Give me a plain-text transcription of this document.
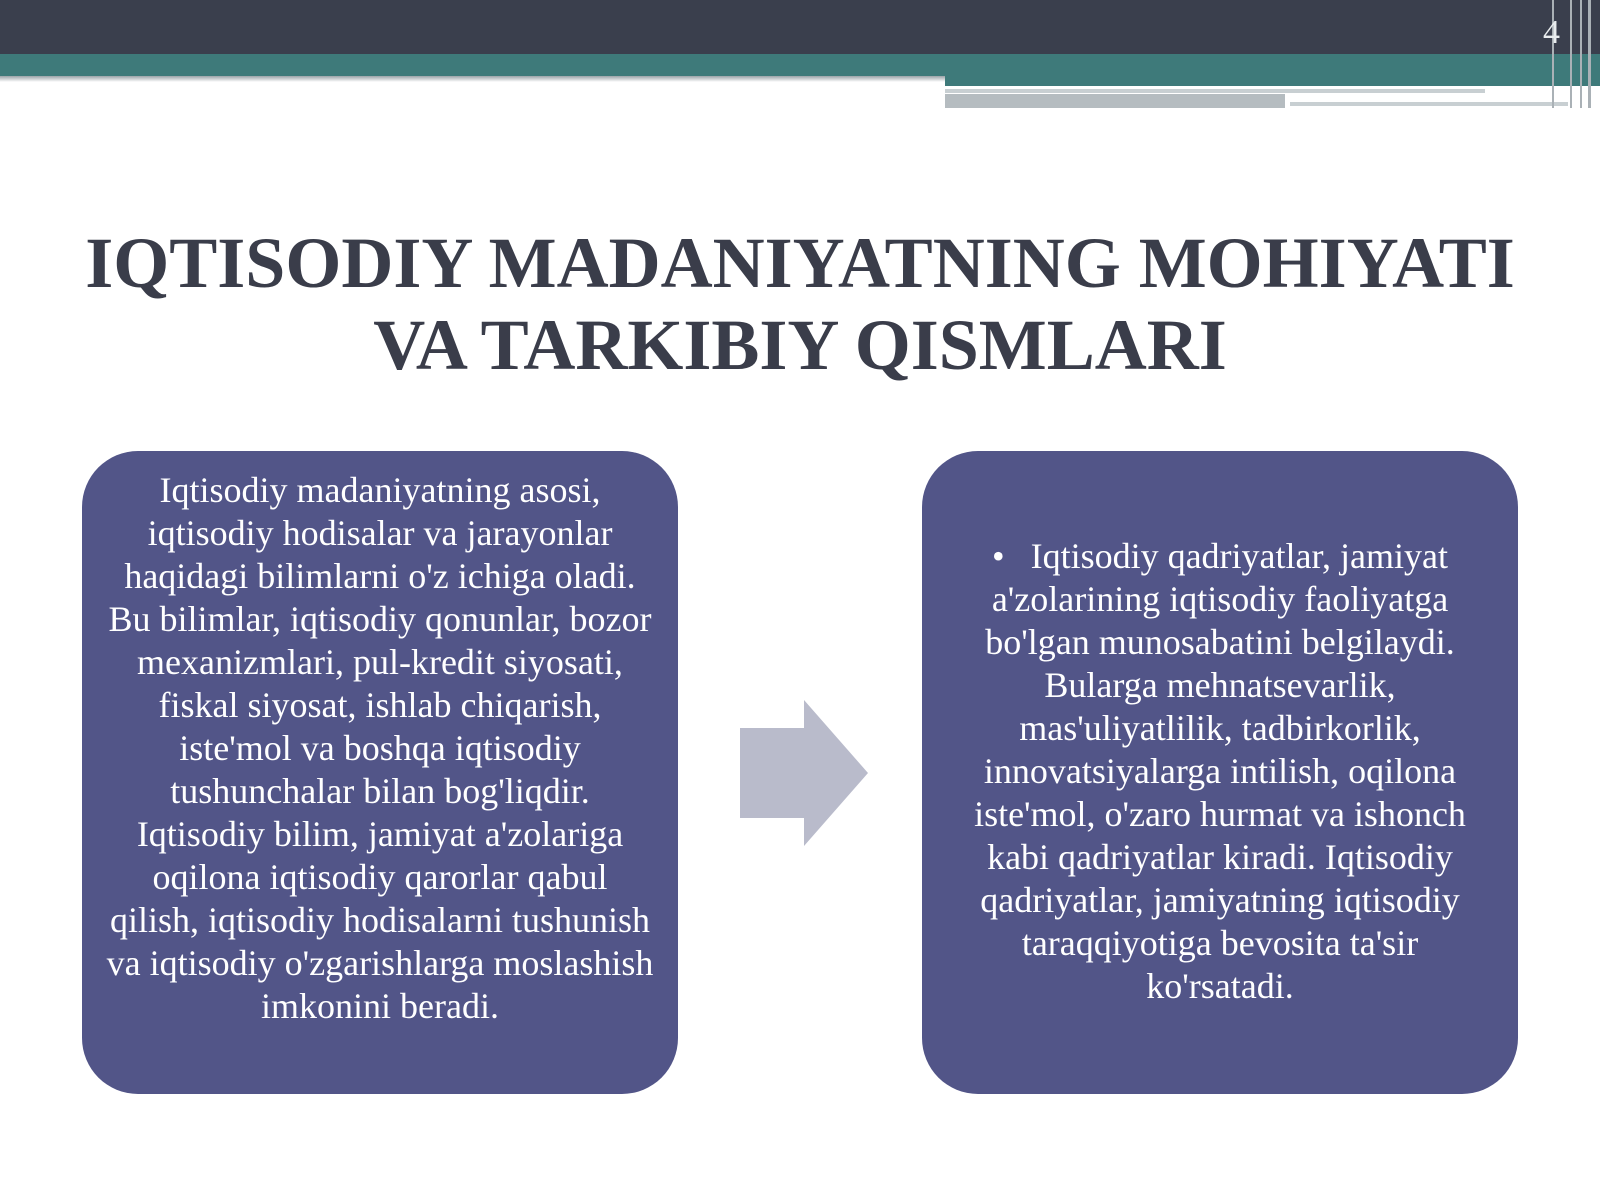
4
IQTISODIY MADANIYATNING MOHIYATI VA TARKIBIY QISMLARI
Iqtisodiy madaniyatning asosi, iqtisodiy hodisalar va jarayonlar haqidagi bilimlarni o'z ichiga oladi. Bu bilimlar, iqtisodiy qonunlar, bozor mexanizmlari, pul-kredit siyosati, fiskal siyosat, ishlab chiqarish, iste'mol va boshqa iqtisodiy tushunchalar bilan bog'liqdir. Iqtisodiy bilim, jamiyat a'zolariga oqilona iqtisodiy qarorlar qabul qilish, iqtisodiy hodisalarni tushunish va iqtisodiy o'zgarishlarga moslashish imkonini beradi.
• Iqtisodiy qadriyatlar, jamiyat a'zolarining iqtisodiy faoliyatga bo'lgan munosabatini belgilaydi. Bularga mehnatsevarlik, mas'uliyatlilik, tadbirkorlik, innovatsiyalarga intilish, oqilona iste'mol, o'zaro hurmat va ishonch kabi qadriyatlar kiradi. Iqtisodiy qadriyatlar, jamiyatning iqtisodiy taraqqiyotiga bevosita ta'sir ko'rsatadi.
